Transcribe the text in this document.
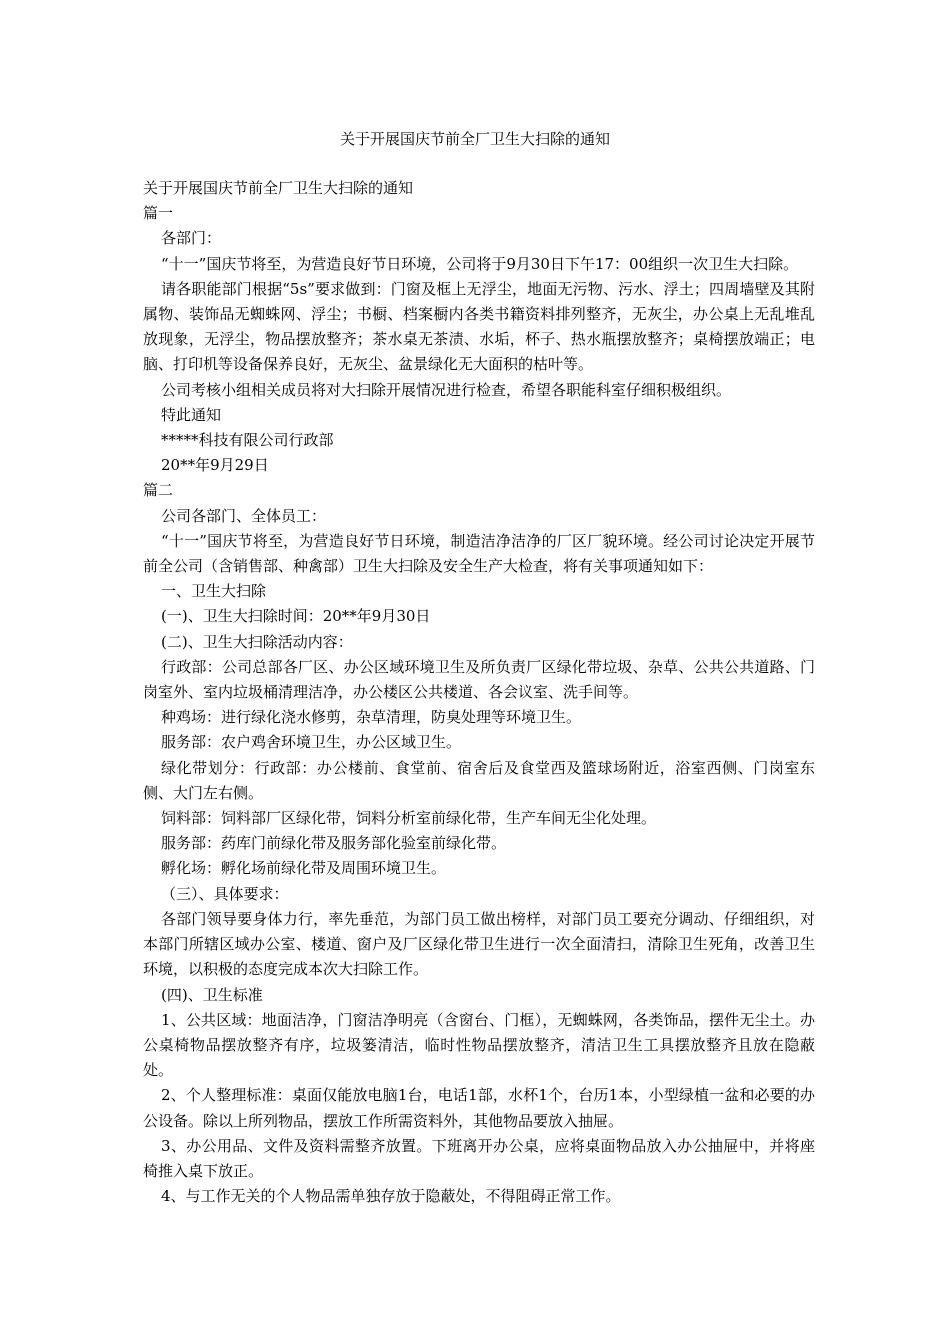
关于开展国庆节前全厂卫生大扫除的通知

关于开展国庆节前全厂卫生大扫除的通知

篇一

各部门：

“十一”国庆节将至，为营造良好节日环境，公司将于9月30日下午17：00组织一次卫生大扫除。

请各职能部门根据“5s”要求做到：门窗及框上无浮尘，地面无污物、污水、浮土；四周墙壁及其附属物、装饰品无蜘蛛网、浮尘；书橱、档案橱内各类书籍资料排列整齐，无灰尘，办公桌上无乱堆乱放现象，无浮尘，物品摆放整齐；茶水桌无茶渍、水垢，杯子、热水瓶摆放整齐；桌椅摆放端正；电脑、打印机等设备保养良好，无灰尘、盆景绿化无大面积的枯叶等。

公司考核小组相关成员将对大扫除开展情况进行检查，希望各职能科室仔细积极组织。

特此通知

*****科技有限公司行政部

20**年9月29日

篇二

公司各部门、全体员工：

“十一”国庆节将至，为营造良好节日环境，制造洁净洁净的厂区厂貌环境。经公司讨论决定开展节前全公司（含销售部、种禽部）卫生大扫除及安全生产大检查，将有关事项通知如下：

一、卫生大扫除

(一)、卫生大扫除时间：20**年9月30日

(二)、卫生大扫除活动内容：

行政部：公司总部各厂区、办公区域环境卫生及所负责厂区绿化带垃圾、杂草、公共公共道路、门岗室外、室内垃圾桶清理洁净，办公楼区公共楼道、各会议室、洗手间等。

种鸡场：进行绿化浇水修剪，杂草清理，防臭处理等环境卫生。

服务部：农户鸡舍环境卫生，办公区域卫生。

绿化带划分：行政部：办公楼前、食堂前、宿舍后及食堂西及篮球场附近，浴室西侧、门岗室东侧、大门左右侧。

饲料部：饲料部厂区绿化带，饲料分析室前绿化带，生产车间无尘化处理。

服务部：药库门前绿化带及服务部化验室前绿化带。

孵化场：孵化场前绿化带及周围环境卫生。

（三）、具体要求：

各部门领导要身体力行，率先垂范，为部门员工做出榜样，对部门员工要充分调动、仔细组织，对本部门所辖区域办公室、楼道、窗户及厂区绿化带卫生进行一次全面清扫，清除卫生死角，改善卫生环境，以积极的态度完成本次大扫除工作。

(四)、卫生标准

1、公共区域：地面洁净，门窗洁净明亮（含窗台、门框），无蜘蛛网，各类饰品，摆件无尘土。办公桌椅物品摆放整齐有序，垃圾篓清洁，临时性物品摆放整齐，清洁卫生工具摆放整齐且放在隐蔽处。

2、个人整理标准：桌面仅能放电脑1台，电话1部，水杯1个，台历1本，小型绿植一盆和必要的办公设备。除以上所列物品，摆放工作所需资料外，其他物品要放入抽屉。

3、办公用品、文件及资料需整齐放置。下班离开办公桌，应将桌面物品放入办公抽屉中，并将座椅推入桌下放正。

4、与工作无关的个人物品需单独存放于隐蔽处，不得阻碍正常工作。
